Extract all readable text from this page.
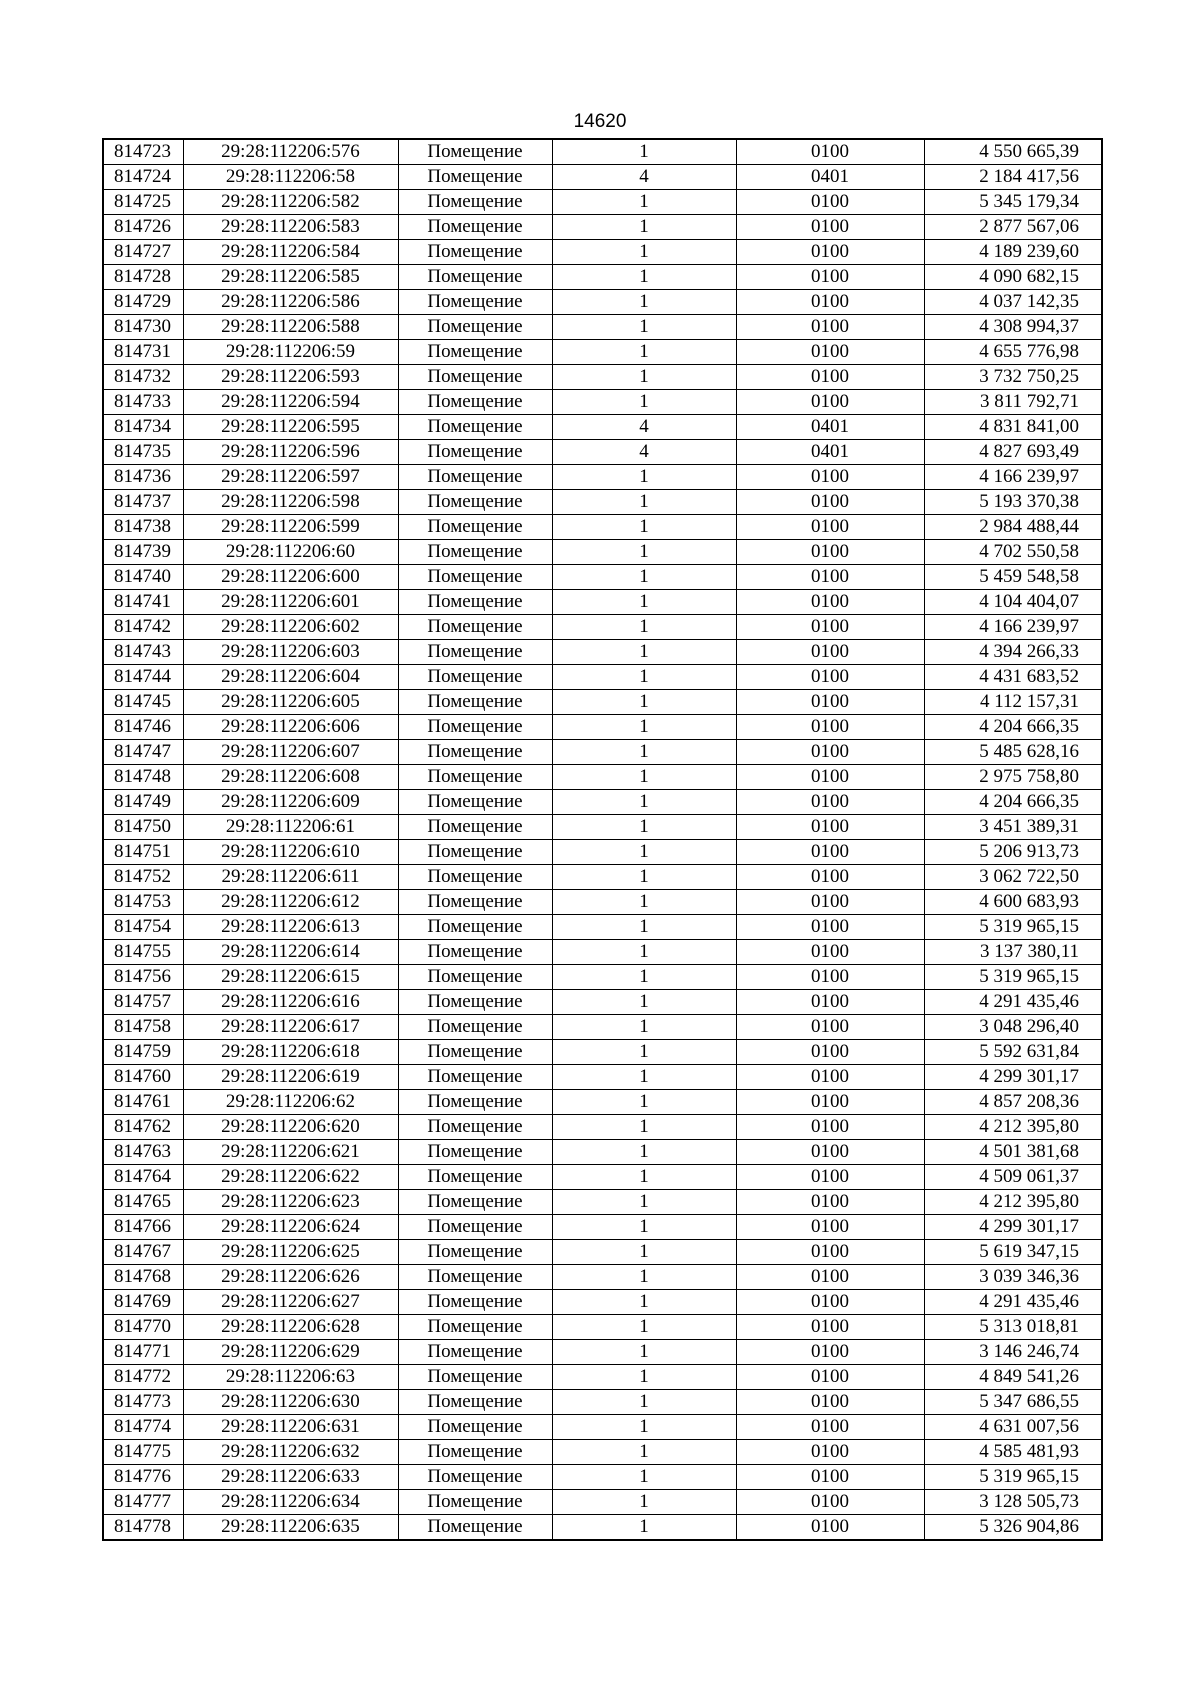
14620
814723	29:28:112206:576	Помещение	1	0100	4 550 665,39
814724	29:28:112206:58	Помещение	4	0401	2 184 417,56
814725	29:28:112206:582	Помещение	1	0100	5 345 179,34
814726	29:28:112206:583	Помещение	1	0100	2 877 567,06
814727	29:28:112206:584	Помещение	1	0100	4 189 239,60
814728	29:28:112206:585	Помещение	1	0100	4 090 682,15
814729	29:28:112206:586	Помещение	1	0100	4 037 142,35
814730	29:28:112206:588	Помещение	1	0100	4 308 994,37
814731	29:28:112206:59	Помещение	1	0100	4 655 776,98
814732	29:28:112206:593	Помещение	1	0100	3 732 750,25
814733	29:28:112206:594	Помещение	1	0100	3 811 792,71
814734	29:28:112206:595	Помещение	4	0401	4 831 841,00
814735	29:28:112206:596	Помещение	4	0401	4 827 693,49
814736	29:28:112206:597	Помещение	1	0100	4 166 239,97
814737	29:28:112206:598	Помещение	1	0100	5 193 370,38
814738	29:28:112206:599	Помещение	1	0100	2 984 488,44
814739	29:28:112206:60	Помещение	1	0100	4 702 550,58
814740	29:28:112206:600	Помещение	1	0100	5 459 548,58
814741	29:28:112206:601	Помещение	1	0100	4 104 404,07
814742	29:28:112206:602	Помещение	1	0100	4 166 239,97
814743	29:28:112206:603	Помещение	1	0100	4 394 266,33
814744	29:28:112206:604	Помещение	1	0100	4 431 683,52
814745	29:28:112206:605	Помещение	1	0100	4 112 157,31
814746	29:28:112206:606	Помещение	1	0100	4 204 666,35
814747	29:28:112206:607	Помещение	1	0100	5 485 628,16
814748	29:28:112206:608	Помещение	1	0100	2 975 758,80
814749	29:28:112206:609	Помещение	1	0100	4 204 666,35
814750	29:28:112206:61	Помещение	1	0100	3 451 389,31
814751	29:28:112206:610	Помещение	1	0100	5 206 913,73
814752	29:28:112206:611	Помещение	1	0100	3 062 722,50
814753	29:28:112206:612	Помещение	1	0100	4 600 683,93
814754	29:28:112206:613	Помещение	1	0100	5 319 965,15
814755	29:28:112206:614	Помещение	1	0100	3 137 380,11
814756	29:28:112206:615	Помещение	1	0100	5 319 965,15
814757	29:28:112206:616	Помещение	1	0100	4 291 435,46
814758	29:28:112206:617	Помещение	1	0100	3 048 296,40
814759	29:28:112206:618	Помещение	1	0100	5 592 631,84
814760	29:28:112206:619	Помещение	1	0100	4 299 301,17
814761	29:28:112206:62	Помещение	1	0100	4 857 208,36
814762	29:28:112206:620	Помещение	1	0100	4 212 395,80
814763	29:28:112206:621	Помещение	1	0100	4 501 381,68
814764	29:28:112206:622	Помещение	1	0100	4 509 061,37
814765	29:28:112206:623	Помещение	1	0100	4 212 395,80
814766	29:28:112206:624	Помещение	1	0100	4 299 301,17
814767	29:28:112206:625	Помещение	1	0100	5 619 347,15
814768	29:28:112206:626	Помещение	1	0100	3 039 346,36
814769	29:28:112206:627	Помещение	1	0100	4 291 435,46
814770	29:28:112206:628	Помещение	1	0100	5 313 018,81
814771	29:28:112206:629	Помещение	1	0100	3 146 246,74
814772	29:28:112206:63	Помещение	1	0100	4 849 541,26
814773	29:28:112206:630	Помещение	1	0100	5 347 686,55
814774	29:28:112206:631	Помещение	1	0100	4 631 007,56
814775	29:28:112206:632	Помещение	1	0100	4 585 481,93
814776	29:28:112206:633	Помещение	1	0100	5 319 965,15
814777	29:28:112206:634	Помещение	1	0100	3 128 505,73
814778	29:28:112206:635	Помещение	1	0100	5 326 904,86
